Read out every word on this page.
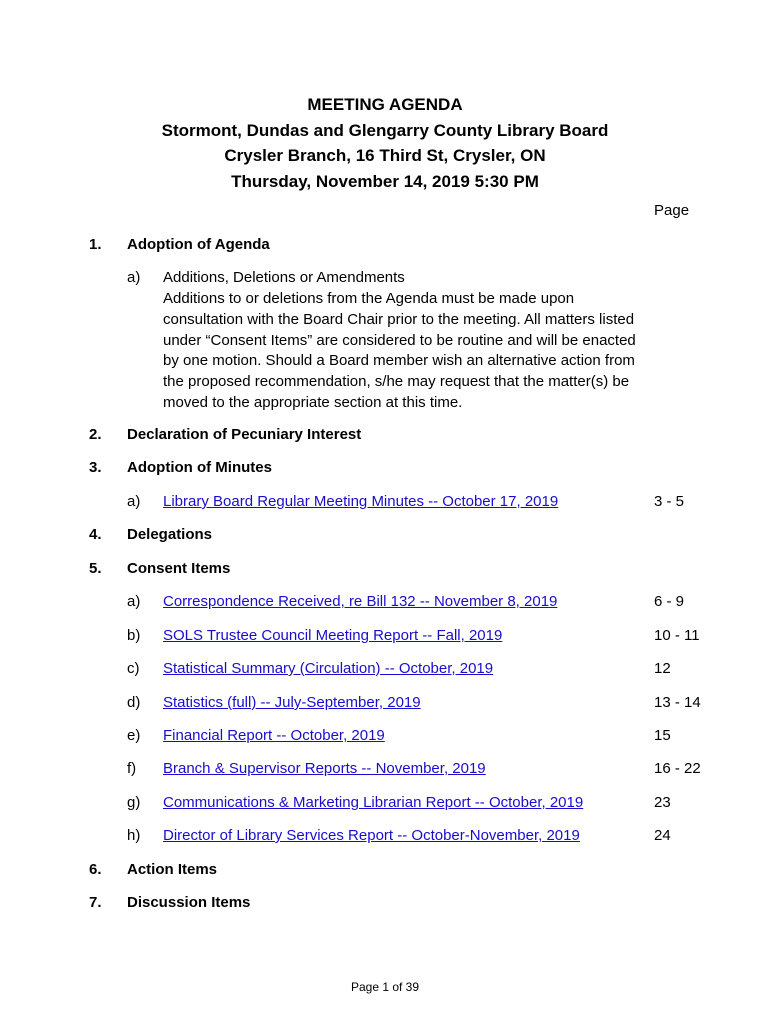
MEETING AGENDA
Stormont, Dundas and Glengarry County Library Board
Crysler Branch, 16 Third St, Crysler, ON
Thursday, November 14, 2019 5:30 PM
Page
1. Adoption of Agenda
a) Additions, Deletions or Amendments
Additions to or deletions from the Agenda must be made upon consultation with the Board Chair prior to the meeting. All matters listed under “Consent Items” are considered to be routine and will be enacted by one motion. Should a Board member wish an alternative action from the proposed recommendation, s/he may request that the matter(s) be moved to the appropriate section at this time.
2. Declaration of Pecuniary Interest
3. Adoption of Minutes
a) Library Board Regular Meeting Minutes -- October 17, 2019	3 - 5
4. Delegations
5. Consent Items
a) Correspondence Received, re Bill 132 -- November 8, 2019	6 - 9
b) SOLS Trustee Council Meeting Report -- Fall, 2019	10 - 11
c) Statistical Summary (Circulation) -- October, 2019	12
d) Statistics (full) -- July-September, 2019	13 - 14
e) Financial Report -- October, 2019	15
f) Branch & Supervisor Reports -- November, 2019	16 - 22
g) Communications & Marketing Librarian Report -- October, 2019	23
h) Director of Library Services Report -- October-November, 2019	24
6. Action Items
7. Discussion Items
Page 1 of 39
